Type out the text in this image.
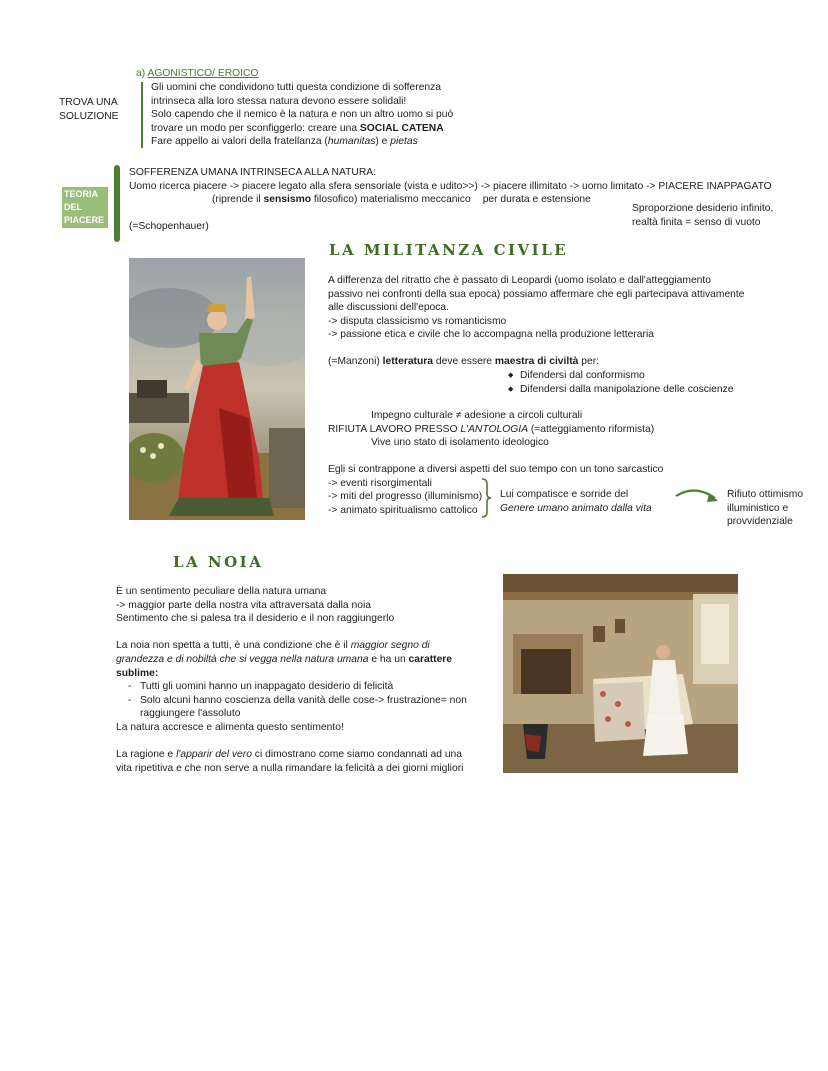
a) AGONISTICO/ EROICO
TROVA UNA
SOLUZIONE
Gli uomini che condividono tutti questa condizione di sofferenza
intrinseca alla loro stessa natura devono essere solidali!
Solo capendo che il nemico è la natura e non un altro uomo si può
trovare un modo per sconfiggerlo: creare una SOCIAL CATENA
Fare appello ai valori della fratellanza (humanitas) e pietas
TEORIA
DEL
PIACERE
SOFFERENZA UMANA INTRINSECA ALLA NATURA:
Uomo ricerca piacere -> piacere legato alla sfera sensoriale (vista e udito>>) -> piacere illimitato -> uomo limitato -> PIACERE INAPPAGATO
(riprende il sensismo filosofico) materialismo meccanico per durata e estensione
Sproporzione desiderio infinito,
realtà finita = senso di vuoto
(=Schopenhauer)
LA MILITANZA CIVILE
A differenza del ritratto che è passato di Leopardi (uomo isolato e dall'atteggiamento
passivo nei confronti della sua epoca) possiamo affermare che egli partecipava attivamente
alle discussioni dell'epoca.
-> disputa classicismo vs romanticismo
-> passione etica e civile che lo accompagna nella produzione letteraria
(=Manzoni) letteratura deve essere maestra di civiltà per:
◆ Difendersi dal conformismo
◆ Difendersi dalla manipolazione delle coscienze
Impegno culturale ≠ adesione a circoli culturali
RIFIUTA LAVORO PRESSO L'ANTOLOGIA (=atteggiamento riformista)
Vive uno stato di isolamento ideologico
Egli si contrappone a diversi aspetti del suo tempo con un tono sarcastico
-> eventi risorgimentali
-> miti del progresso (illuminismo)
-> animato spiritualismo cattolico
Lui compatisce e sorride del
Genere umano animato dalla vita
Rifiuto ottimismo
illuministico e
provvidenziale
LA NOIA
È un sentimento peculiare della natura umana
-> maggior parte della nostra vita attraversata dalla noia
Sentimento che si palesa tra il desiderio e il non raggiungerlo
La noia non spetta a tutti, è una condizione che è il maggior segno di
grandezza e di nobiltà che si vegga nella natura umana e ha un carattere
sublime:
- Tutti gli uomini hanno un inappagato desiderio di felicità
- Solo alcuni hanno coscienza della vanità delle cose-> frustrazione= non raggiungere l'assoluto
La natura accresce e alimenta questo sentimento!
La ragione e l'apparir del vero ci dimostrano come siamo condannati ad una
vita ripetitiva e che non serve a nulla rimandare la felicità a dei giorni migliori
